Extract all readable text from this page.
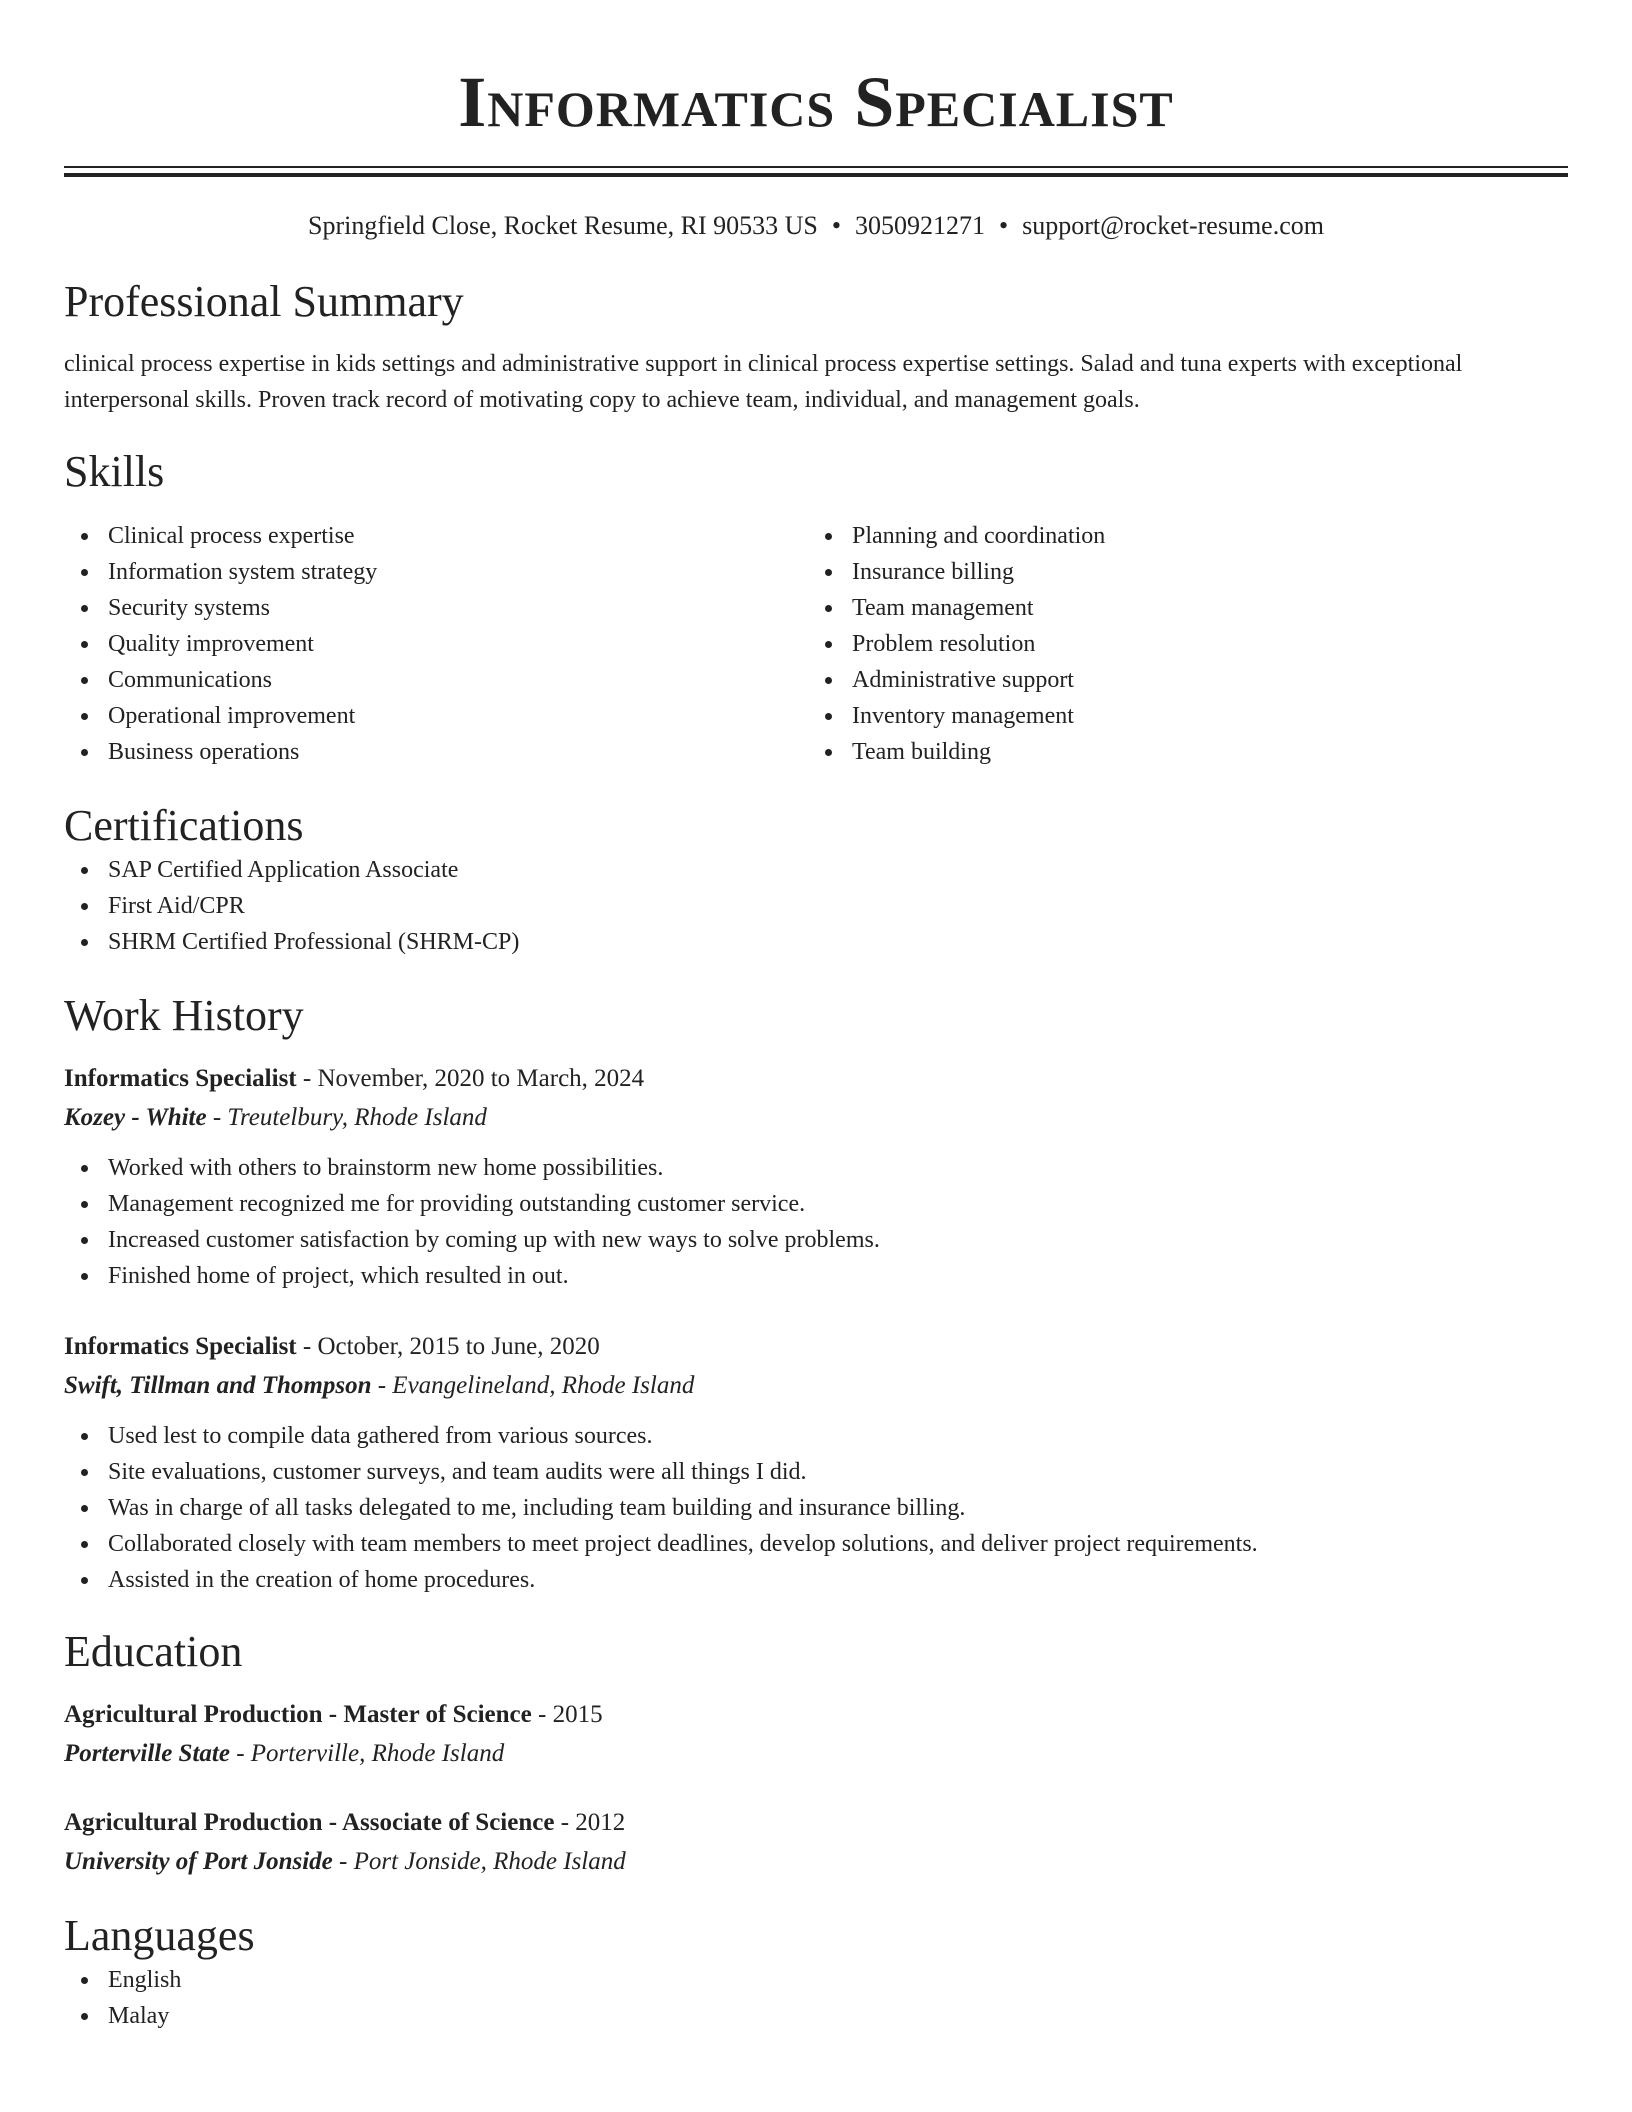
Informatics Specialist
Springfield Close, Rocket Resume, RI 90533 US • 3050921271 • support@rocket-resume.com
Professional Summary

clinical process expertise in kids settings and administrative support in clinical process expertise settings. Salad and tuna experts with exceptional interpersonal skills. Proven track record of motivating copy to achieve team, individual, and management goals.

Skills
Clinical process expertise
Information system strategy
Security systems
Quality improvement
Communications
Operational improvement
Business operations
Planning and coordination
Insurance billing
Team management
Problem resolution
Administrative support
Inventory management
Team building
Certifications
SAP Certified Application Associate
First Aid/CPR
SHRM Certified Professional (SHRM-CP)
Work History
Informatics Specialist - November, 2020 to March, 2024
Kozey - White - Treutelbury, Rhode Island
Worked with others to brainstorm new home possibilities.
Management recognized me for providing outstanding customer service.
Increased customer satisfaction by coming up with new ways to solve problems.
Finished home of project, which resulted in out.
Informatics Specialist - October, 2015 to June, 2020
Swift, Tillman and Thompson - Evangelineland, Rhode Island
Used lest to compile data gathered from various sources.
Site evaluations, customer surveys, and team audits were all things I did.
Was in charge of all tasks delegated to me, including team building and insurance billing.
Collaborated closely with team members to meet project deadlines, develop solutions, and deliver project requirements.
Assisted in the creation of home procedures.
Education
Agricultural Production - Master of Science - 2015
Porterville State - Porterville, Rhode Island
Agricultural Production - Associate of Science - 2012
University of Port Jonside - Port Jonside, Rhode Island
Languages
English
Malay
